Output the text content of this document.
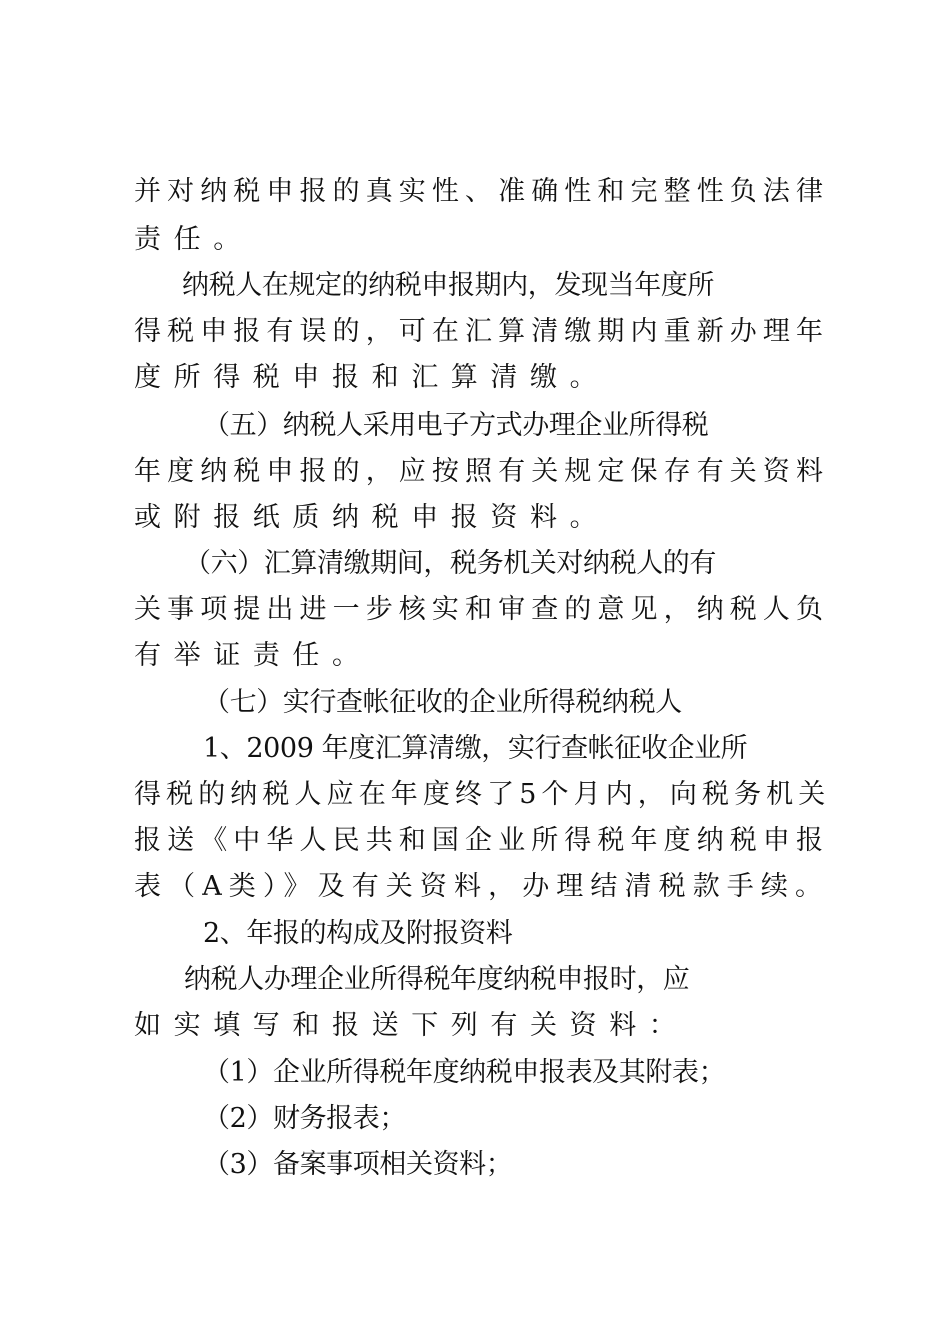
并对纳税申报的真实性、准确性和完整性负法律
责任。
纳税人在规定的纳税申报期内，发现当年度所
得税申报有误的，可在汇算清缴期内重新办理年
度所得税申报和汇算清缴。
（五）纳税人采用电子方式办理企业所得税
年度纳税申报的，应按照有关规定保存有关资料
或附报纸质纳税申报资料。
（六）汇算清缴期间，税务机关对纳税人的有
关事项提出进一步核实和审查的意见，纳税人负
有举证责任。
（七）实行查帐征收的企业所得税纳税人
1、2009 年度汇算清缴，实行查帐征收企业所
得税的纳税人应在年度终了5个月内，向税务机关
报送《中华人民共和国企业所得税年度纳税申报
表（A类）》及有关资料，办理结清税款手续。
2、年报的构成及附报资料
纳税人办理企业所得税年度纳税申报时，应
如实填写和报送下列有关资料：
（1）企业所得税年度纳税申报表及其附表；
（2）财务报表；
（3）备案事项相关资料；
